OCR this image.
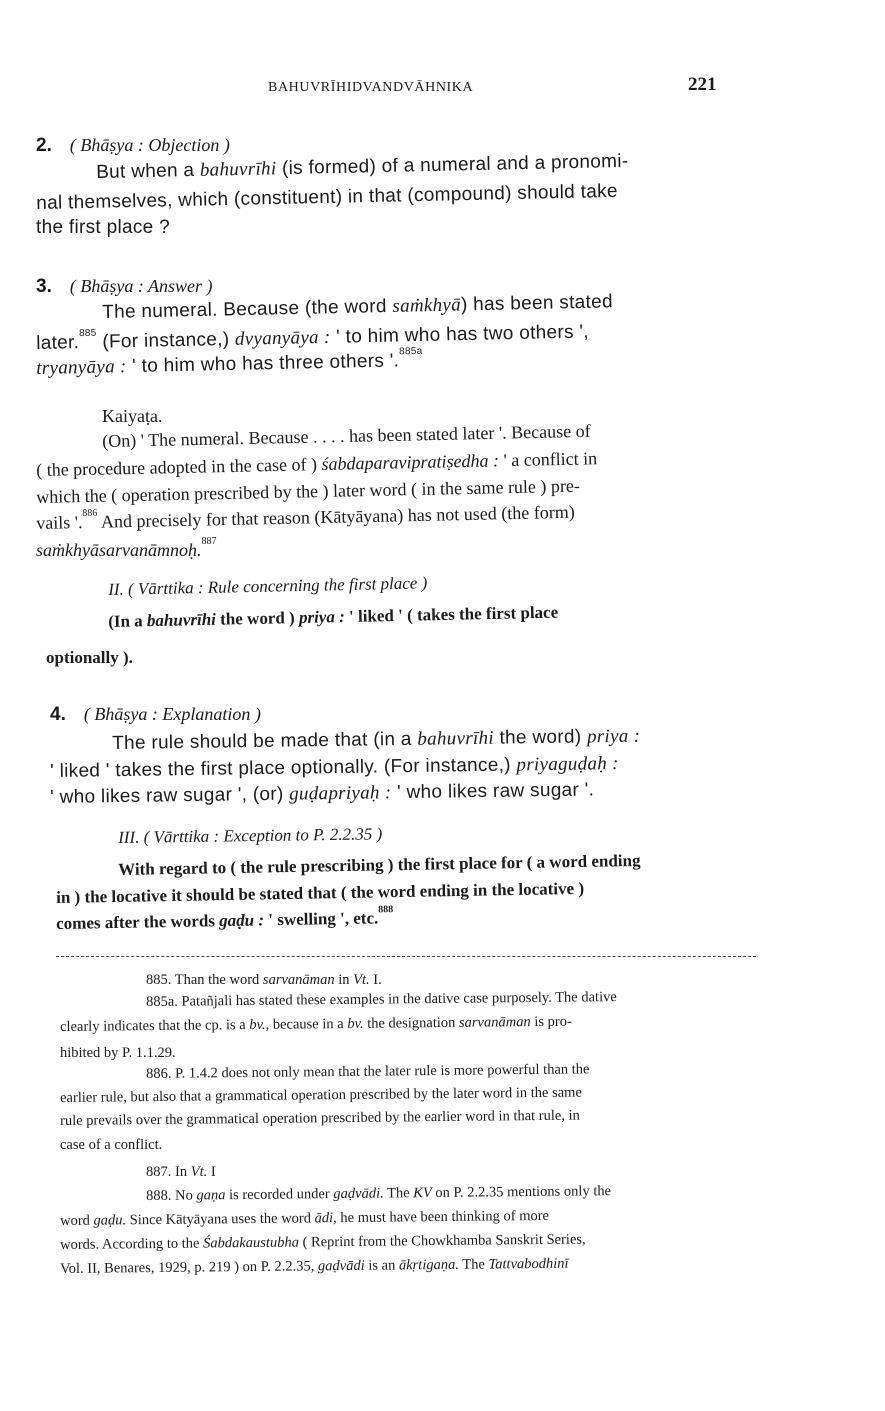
BAHUVRĪHIDVANDVĀHNIKA	221
2. ( Bhāṣya : Objection )
But when a bahuvrīhi (is formed) of a numeral and a pronomi-
nal themselves, which (constituent) in that (compound) should take
the first place ?
3. ( Bhāṣya : Answer )
The numeral. Because (the word saṁkhyā) has been stated
later.$^{885}$ (For instance,) dvyanyāya : ' to him who has two others ',
tryanyāya : ' to him who has three others '.$^{885a}$
Kaiyaṭa.
(On) ' The numeral. Because . . . . has been stated later '. Because of
( the procedure adopted in the case of ) śabdaparavipratiṣedha : ' a conflict in
which the ( operation prescribed by the ) later word ( in the same rule ) pre-
vails '.$^{886}$ And precisely for that reason (Kātyāyana) has not used (the form)
saṁkhyāsarvanāmnoḥ.$^{887}$
II. ( Vārttika : Rule concerning the first place )
(In a bahuvrīhi the word ) priya : ' liked ' ( takes the first place
optionally ).
4. ( Bhāṣya : Explanation )
The rule should be made that (in a bahuvrīhi the word) priya :
' liked ' takes the first place optionally. (For instance,) priyaguḍaḥ :
' who likes raw sugar ', (or) guḍapriyaḥ : ' who likes raw sugar '.
III. ( Vārttika : Exception to P. 2.2.35 )
With regard to ( the rule prescribing ) the first place for ( a word ending
in ) the locative it should be stated that ( the word ending in the locative )
comes after the words gaḍu : ' swelling ', etc.$^{888}$
885. Than the word sarvanāman in Vt. I.
885a. Patañjali has stated these examples in the dative case purposely. The dative
clearly indicates that the cp. is a bv., because in a bv. the designation sarvanāman is pro-
hibited by P. 1.1.29.
886. P. 1.4.2 does not only mean that the later rule is more powerful than the
earlier rule, but also that a grammatical operation prescribed by the later word in the same
rule prevails over the grammatical operation prescribed by the earlier word in that rule, in
case of a conflict.
887. In Vt. I
888. No gaṇa is recorded under gaḍvādi. The KV on P. 2.2.35 mentions only the
word gaḍu. Since Kātyāyana uses the word ādi, he must have been thinking of more
words. According to the Śabdakaustubha ( Reprint from the Chowkhamba Sanskrit Series,
Vol. II, Benares, 1929, p. 219 ) on P. 2.2.35, gaḍvādi is an ākṛtigaṇa. The Tattvabodhinī
